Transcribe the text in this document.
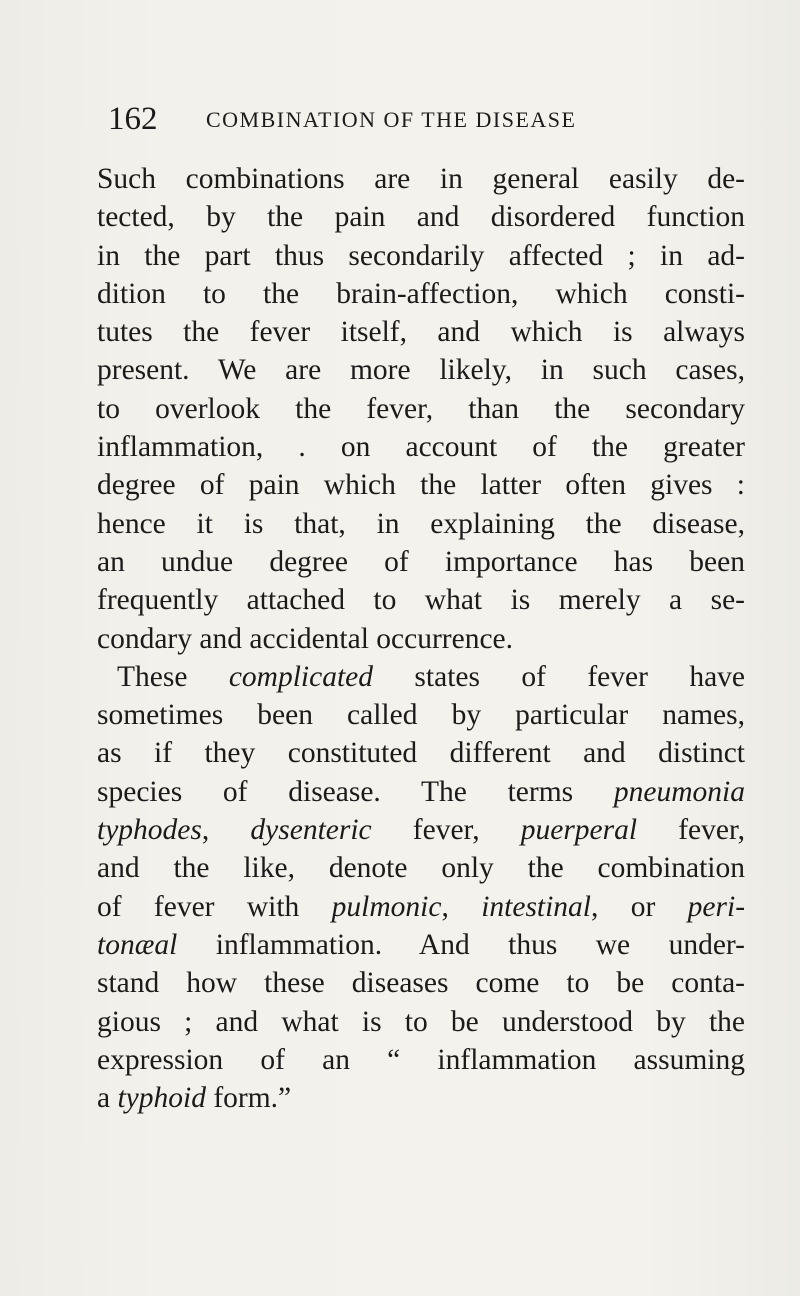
162 COMBINATION OF THE DISEASE
Such combinations are in general easily de-
tected, by the pain and disordered function
in the part thus secondarily affected ; in ad-
dition to the brain-affection, which consti-
tutes the fever itself, and which is always
present. We are more likely, in such cases,
to overlook the fever, than the secondary
inflammation, . on account of the greater
degree of pain which the latter often gives :
hence it is that, in explaining the disease,
an undue degree of importance has been
frequently attached to what is merely a se-
condary and accidental occurrence.
These complicated states of fever have
sometimes been called by particular names,
as if they constituted different and distinct
species of disease. The terms pneumonia
typhodes, dysenteric fever, puerperal fever,
and the like, denote only the combination
of fever with pulmonic, intestinal, or peri-
tonæal inflammation. And thus we under-
stand how these diseases come to be conta-
gious ; and what is to be understood by the
expression of an “ inflammation assuming
a typhoid form.”
